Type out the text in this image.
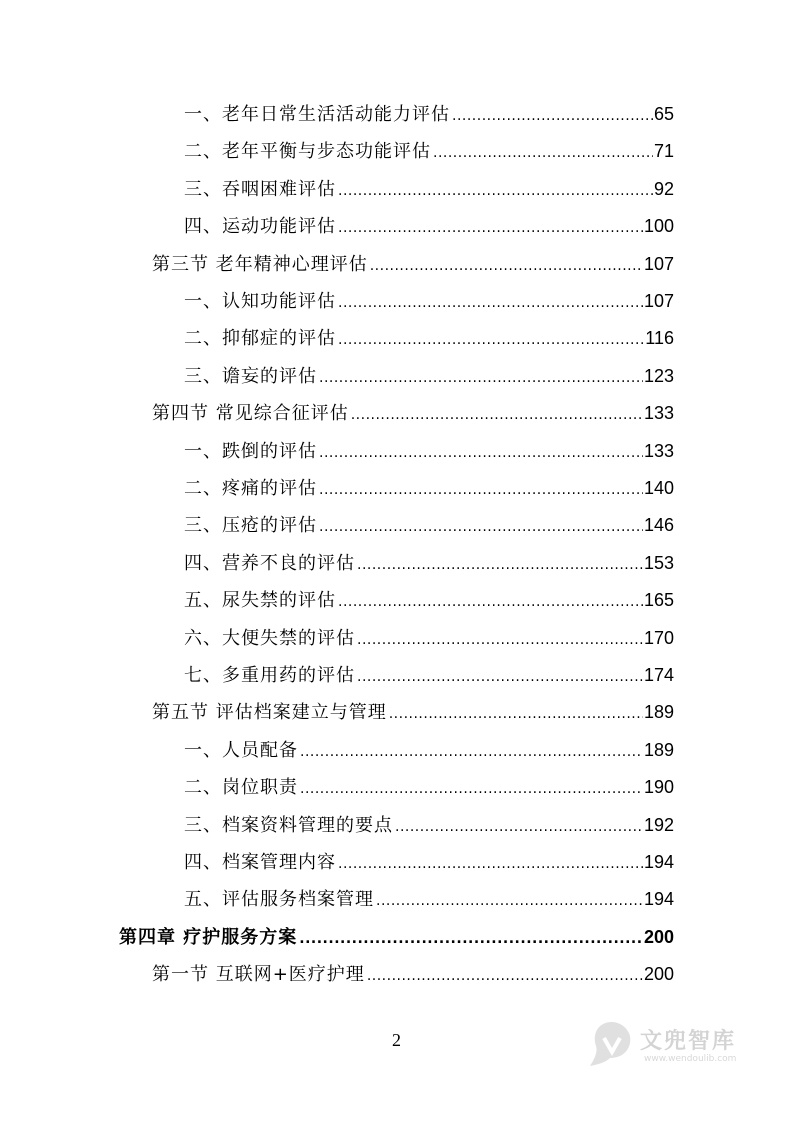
一、老年日常生活活动能力评估 .....	65
二、老年平衡与步态功能评估 .....	71
三、吞咽困难评估 .....	92
四、运动功能评估 .....	100
第三节 老年精神心理评估 .....	107
一、认知功能评估 .....	107
二、抑郁症的评估 .....	116
三、谵妄的评估 .....	123
第四节 常见综合征评估 .....	133
一、跌倒的评估 .....	133
二、疼痛的评估 .....	140
三、压疮的评估 .....	146
四、营养不良的评估 .....	153
五、尿失禁的评估 .....	165
六、大便失禁的评估 .....	170
七、多重用药的评估 .....	174
第五节 评估档案建立与管理 .....	189
一、人员配备 .....	189
二、岗位职责 .....	190
三、档案资料管理的要点 .....	192
四、档案管理内容 .....	194
五、评估服务档案管理 .....	194
第四章 疗护服务方案 .....	200
第一节 互联网+医疗护理 .....	200
2	文兜智库
www.wendoulib.com
